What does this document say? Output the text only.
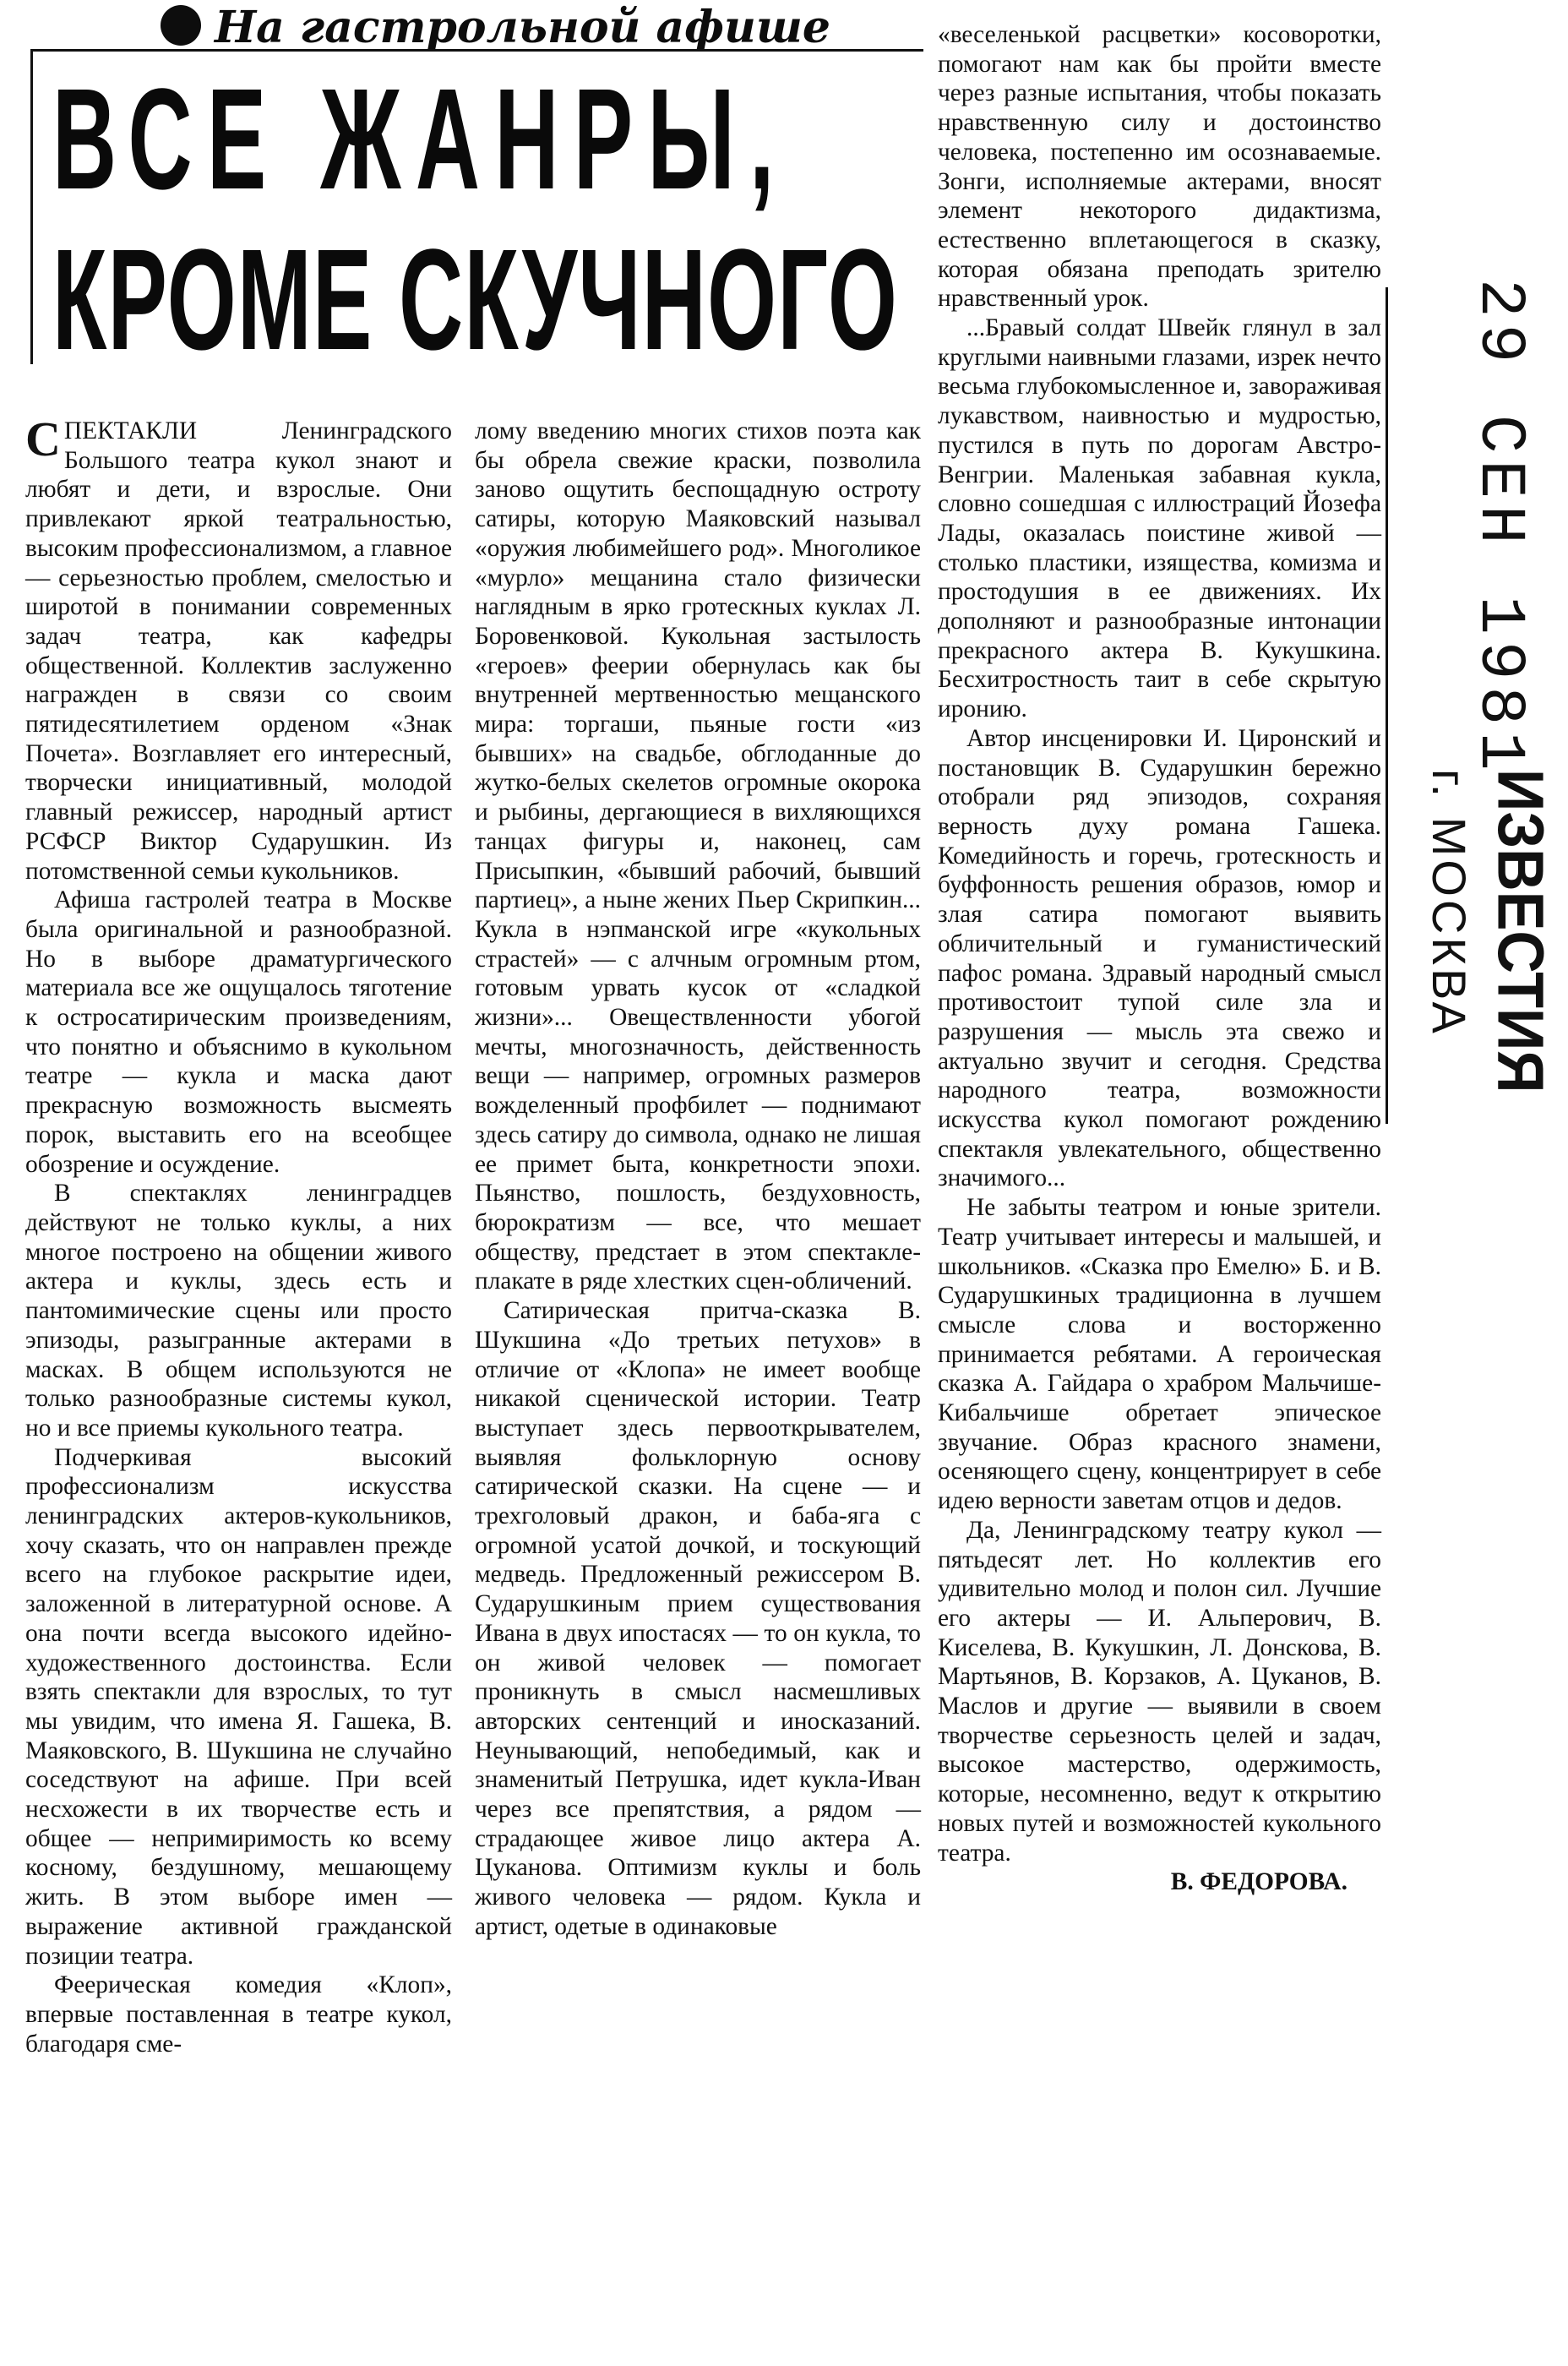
На гастрольной афише
ВСЕ ЖАНРЫ,
КРОМЕ СКУЧНОГО	29 СЕН 1981
ИЗВЕСТИЯ
г. МОСКВА

СПЕКТАКЛИ Ленинградского Большого театра кукол знают и любят и дети, и взрослые. Они привлекают яркой театральностью, высоким профессионализмом, а главное — серьезностью проблем, смелостью и широтой в понимании современных задач театра, как кафедры общественной. Коллектив заслуженно награжден в связи со своим пятидесятилетием орденом «Знак Почета». Возглавляет его интересный, творчески инициативный, молодой главный режиссер, народный артист РСФСР Виктор Сударушкин. Из потомственной семьи кукольников.

Афиша гастролей театра в Москве была оригинальной и разнообразной. Но в выборе драматургического материала все же ощущалось тяготение к остросатирическим произведениям, что понятно и объяснимо в кукольном театре — кукла и маска дают прекрасную возможность высмеять порок, выставить его на всеобщее обозрение и осуждение.

В спектаклях ленинградцев действуют не только куклы, а них многое построено на общении живого актера и куклы, здесь есть и пантомимические сцены или просто эпизоды, разыгранные актерами в масках. В общем используются не только разнообразные системы кукол, но и все приемы кукольного театра.

Подчеркивая высокий профессионализм искусства ленинградских актеров-кукольников, хочу сказать, что он направлен прежде всего на глубокое раскрытие идеи, заложенной в литературной основе. А она почти всегда высокого идейно-художественного достоинства. Если взять спектакли для взрослых, то тут мы увидим, что имена Я. Гашека, В. Маяковского, В. Шукшина не случайно соседствуют на афише. При всей несхожести в их творчестве есть и общее — непримиримость ко всему косному, бездушному, мешающему жить. В этом выборе имен — выражение активной гражданской позиции театра.

Феерическая комедия «Клоп», впервые поставленная в театре кукол, благодаря сме-

лому введению многих стихов поэта как бы обрела свежие краски, позволила заново ощутить беспощадную остроту сатиры, которую Маяковский называл «оружия любимейшего род». Многоликое «мурло» мещанина стало физически наглядным в ярко гротескных куклах Л. Боровенковой. Кукольная застылость «героев» феерии обернулась как бы внутренней мертвенностью мещанского мира: торгаши, пьяные гости «из бывших» на свадьбе, обглоданные до жутко-белых скелетов огромные окорока и рыбины, дергающиеся в вихляющихся танцах фигуры и, наконец, сам Присыпкин, «бывший рабочий, бывший партиец», а ныне жених Пьер Скрипкин... Кукла в нэпманской игре «кукольных страстей» — с алчным огромным ртом, готовым урвать кусок от «сладкой жизни»... Овеществленности убогой мечты, многозначность, действенность вещи — например, огромных размеров вожделенный профбилет — поднимают здесь сатиру до символа, однако не лишая ее примет быта, конкретности эпохи. Пьянство, пошлость, бездуховность, бюрократизм — все, что мешает обществу, предстает в этом спектакле-плакате в ряде хлестких сцен-обличений.

Сатирическая притча-сказка В. Шукшина «До третьих петухов» в отличие от «Клопа» не имеет вообще никакой сценической истории. Театр выступает здесь первооткрывателем, выявляя фольклорную основу сатирической сказки. На сцене — и трехголовый дракон, и баба-яга с огромной усатой дочкой, и тоскующий медведь. Предложенный режиссером В. Сударушкиным прием существования Ивана в двух ипостасях — то он кукла, то он живой человек — помогает проникнуть в смысл насмешливых авторских сентенций и иносказаний. Неунывающий, непобедимый, как и знаменитый Петрушка, идет кукла-Иван через все препятствия, а рядом — страдающее живое лицо актера А. Цуканова. Оптимизм куклы и боль живого человека — рядом. Кукла и артист, одетые в одинаковые

«веселенькой расцветки» косоворотки, помогают нам как бы пройти вместе через разные испытания, чтобы показать нравственную силу и достоинство человека, постепенно им осознаваемые. Зонги, исполняемые актерами, вносят элемент некоторого дидактизма, естественно вплетающегося в сказку, которая обязана преподать зрителю нравственный урок.

...Бравый солдат Швейк глянул в зал круглыми наивными глазами, изрек нечто весьма глубокомысленное и, завораживая лукавством, наивностью и мудростью, пустился в путь по дорогам Австро-Венгрии. Маленькая забавная кукла, словно сошедшая с иллюстраций Йозефа Лады, оказалась поистине живой — столько пластики, изящества, комизма и простодушия в ее движениях. Их дополняют и разнообразные интонации прекрасного актера В. Кукушкина. Бесхитростность таит в себе скрытую иронию.

Автор инсценировки И. Циронский и постановщик В. Сударушкин бережно отобрали ряд эпизодов, сохраняя верность духу романа Гашека. Комедийность и горечь, гротескность и буффонность решения образов, юмор и злая сатира помогают выявить обличительный и гуманистический пафос романа. Здравый народный смысл противостоит тупой силе зла и разрушения — мысль эта свежо и актуально звучит и сегодня. Средства народного театра, возможности искусства кукол помогают рождению спектакля увлекательного, общественно значимого...

Не забыты театром и юные зрители. Театр учитывает интересы и малышей, и школьников. «Сказка про Емелю» Б. и В. Сударушкиных традиционна в лучшем смысле слова и восторженно принимается ребятами. А героическая сказка А. Гайдара о храбром Мальчише-Кибальчише обретает эпическое звучание. Образ красного знамени, осеняющего сцену, концентрирует в себе идею верности заветам отцов и дедов.

Да, Ленинградскому театру кукол — пятьдесят лет. Но коллектив его удивительно молод и полон сил. Лучшие его актеры — И. Альперович, В. Киселева, В. Кукушкин, Л. Донскова, В. Мартьянов, В. Корзаков, А. Цуканов, В. Маслов и другие — выявили в своем творчестве серьезность целей и задач, высокое мастерство, одержимость, которые, несомненно, ведут к открытию новых путей и возможностей кукольного театра.

В. ФЕДОРОВА.
